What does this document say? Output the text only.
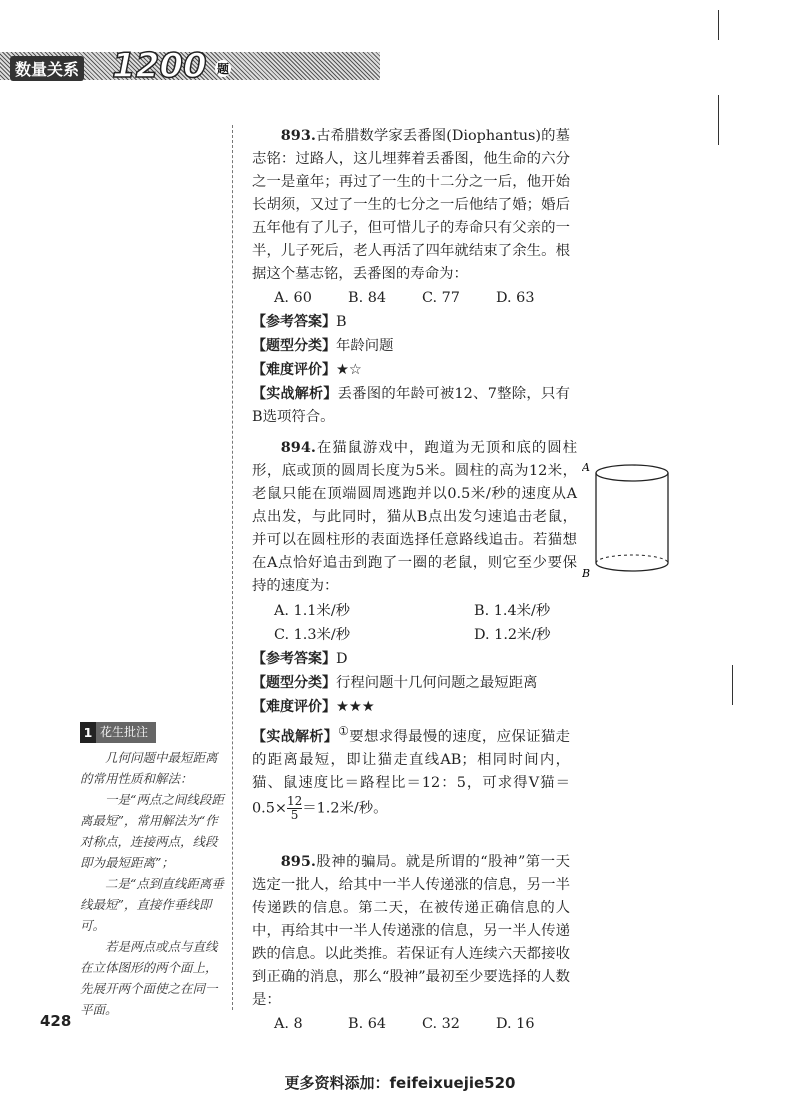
数量关系 1200 题

893.古希腊数学家丢番图(Diophantus)的墓志铭：过路人，这儿埋葬着丢番图，他生命的六分之一是童年；再过了一生的十二分之一后，他开始长胡须，又过了一生的七分之一后他结了婚；婚后五年他有了儿子，但可惜儿子的寿命只有父亲的一半，儿子死后，老人再活了四年就结束了余生。根据这个墓志铭，丢番图的寿命为：

A. 60	B. 84	C. 77	D. 63
【参考答案】B
【题型分类】年龄问题
【难度评价】★☆
【实战解析】丢番图的年龄可被12、7整除，只有B选项符合。

894.在猫鼠游戏中，跑道为无顶和底的圆柱形，底或顶的圆周长度为5米。圆柱的高为12米，老鼠只能在顶端圆周逃跑并以0.5米/秒的速度从A点出发，与此同时，猫从B点出发匀速追击老鼠，并可以在圆柱形的表面选择任意路线追击。若猫想在A点恰好追击到跑了一圈的老鼠，则它至少要保持的速度为：

A. 1.1米/秒	B. 1.4米/秒
C. 1.3米/秒	D. 1.2米/秒
【参考答案】D
【题型分类】行程问题十几何问题之最短距离
【难度评价】★★★
【实战解析】①要想求得最慢的速度，应保证猫走的距离最短，即让猫走直线AB；相同时间内，猫、鼠速度比＝路程比＝12：5，可求得V猫$=0.5\times \frac{12}{5} =1.2$米/秒。
A
B

895.股神的骗局。就是所谓的“股神”第一天选定一批人，给其中一半人传递涨的信息，另一半传递跌的信息。第二天，在被传递正确信息的人中，再给其中一半人传递涨的信息，另一半人传递跌的信息。以此类推。若保证有人连续六天都接收到正确的消息，那么“股神”最初至少要选择的人数是：

A. 8	B. 64	C. 32	D. 16
1 花生批注

几何问题中最短距离的常用性质和解法：

一是“两点之间线段距离最短”，常用解法为“作对称点，连接两点，线段即为最短距离”；

二是“点到直线距离垂线最短”，直接作垂线即可。

若是两点或点与直线在立体图形的两个面上，先展开两个面使之在同一平面。

428
更多资料添加：feifeixuejie520
